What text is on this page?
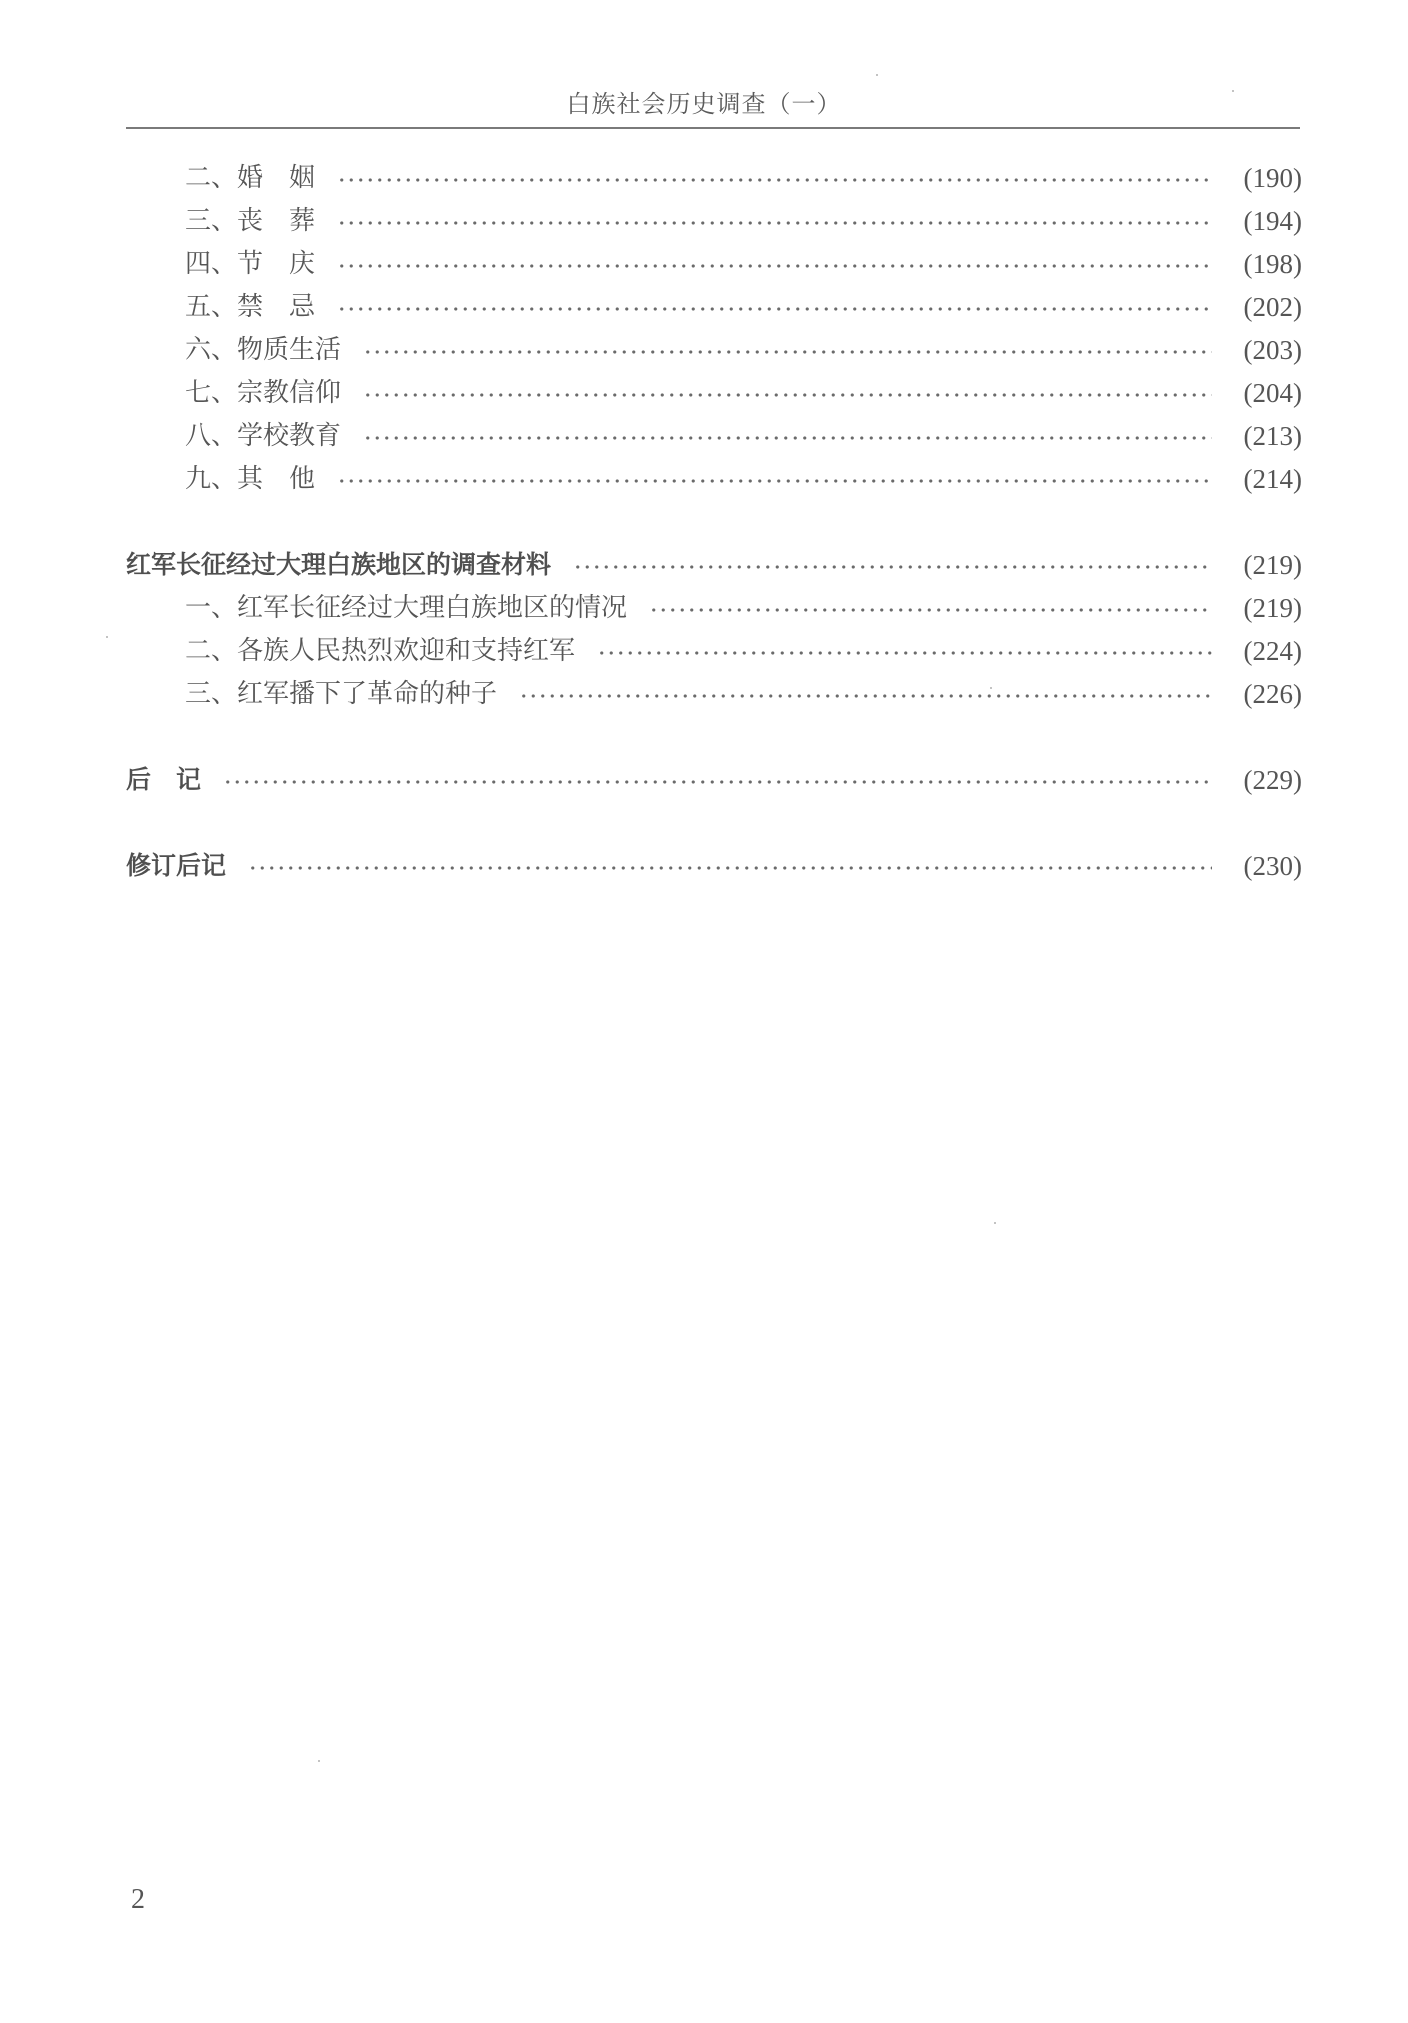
白族社会历史调查（一）
二、婚　姻	(190)
三、丧　葬	(194)
四、节　庆	(198)
五、禁　忌	(202)
六、物质生活	(203)
七、宗教信仰	(204)
八、学校教育	(213)
九、其　他	(214)
红军长征经过大理白族地区的调查材料	(219)
一、红军长征经过大理白族地区的情况	(219)
二、各族人民热烈欢迎和支持红军	(224)
三、红军播下了革命的种子	(226)
后　记	(229)
修订后记	(230)
2
